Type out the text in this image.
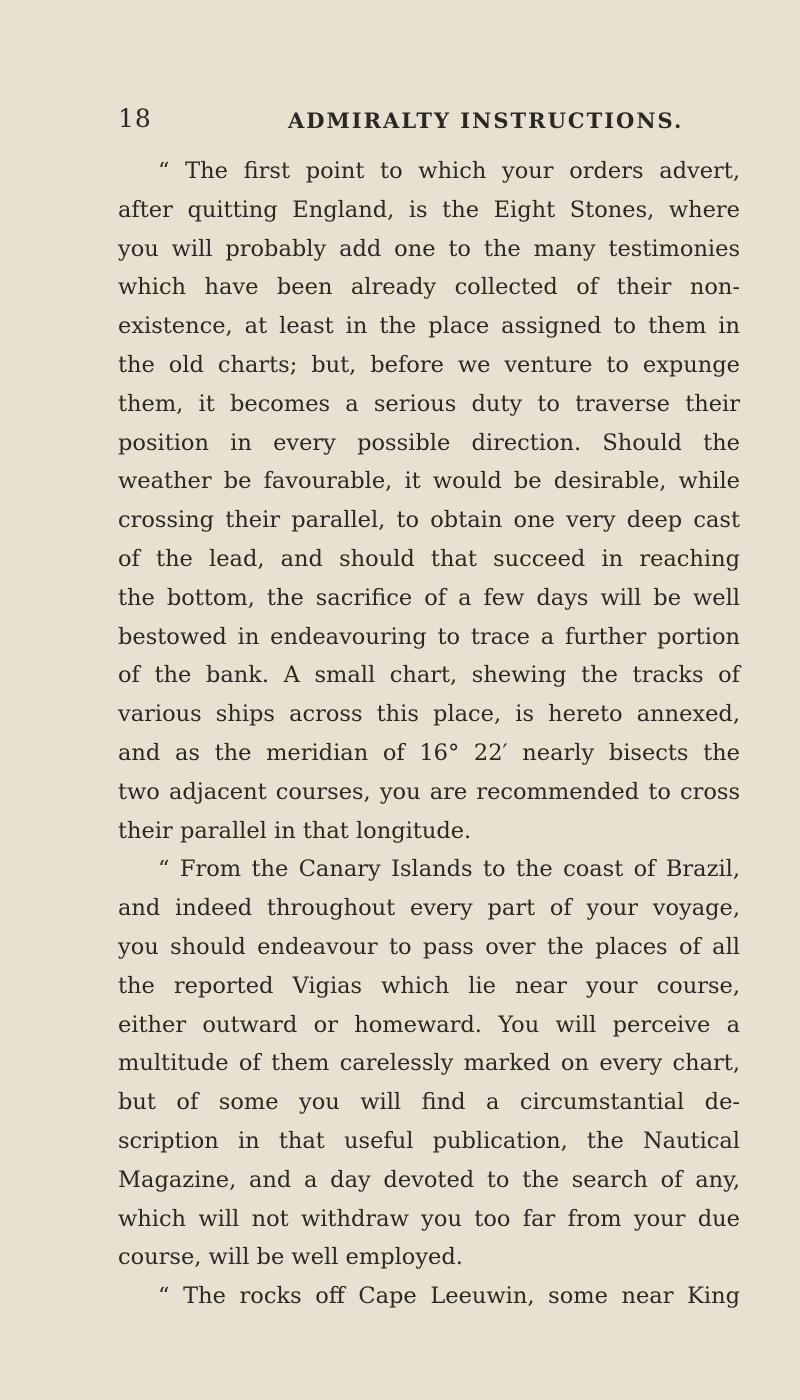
18	ADMIRALTY INSTRUCTIONS.
“ The first point to which your orders advert,
after quitting England, is the Eight Stones, where
you will probably add one to the many testimonies
which have been already collected of their non-
existence, at least in the place assigned to them in
the old charts; but, before we venture to expunge
them, it becomes a serious duty to traverse their
position in every possible direction. Should the
weather be favourable, it would be desirable, while
crossing their parallel, to obtain one very deep cast
of the lead, and should that succeed in reaching
the bottom, the sacrifice of a few days will be well
bestowed in endeavouring to trace a further portion
of the bank. A small chart, shewing the tracks of
various ships across this place, is hereto annexed,
and as the meridian of 16° 22′ nearly bisects the
two adjacent courses, you are recommended to cross
their parallel in that longitude.
“ From the Canary Islands to the coast of Brazil,
and indeed throughout every part of your voyage,
you should endeavour to pass over the places of all
the reported Vigias which lie near your course,
either outward or homeward. You will perceive a
multitude of them carelessly marked on every chart,
but of some you will find a circumstantial de-
scription in that useful publication, the Nautical
Magazine, and a day devoted to the search of any,
which will not withdraw you too far from your due
course, will be well employed.
“ The rocks off Cape Leeuwin, some near King
